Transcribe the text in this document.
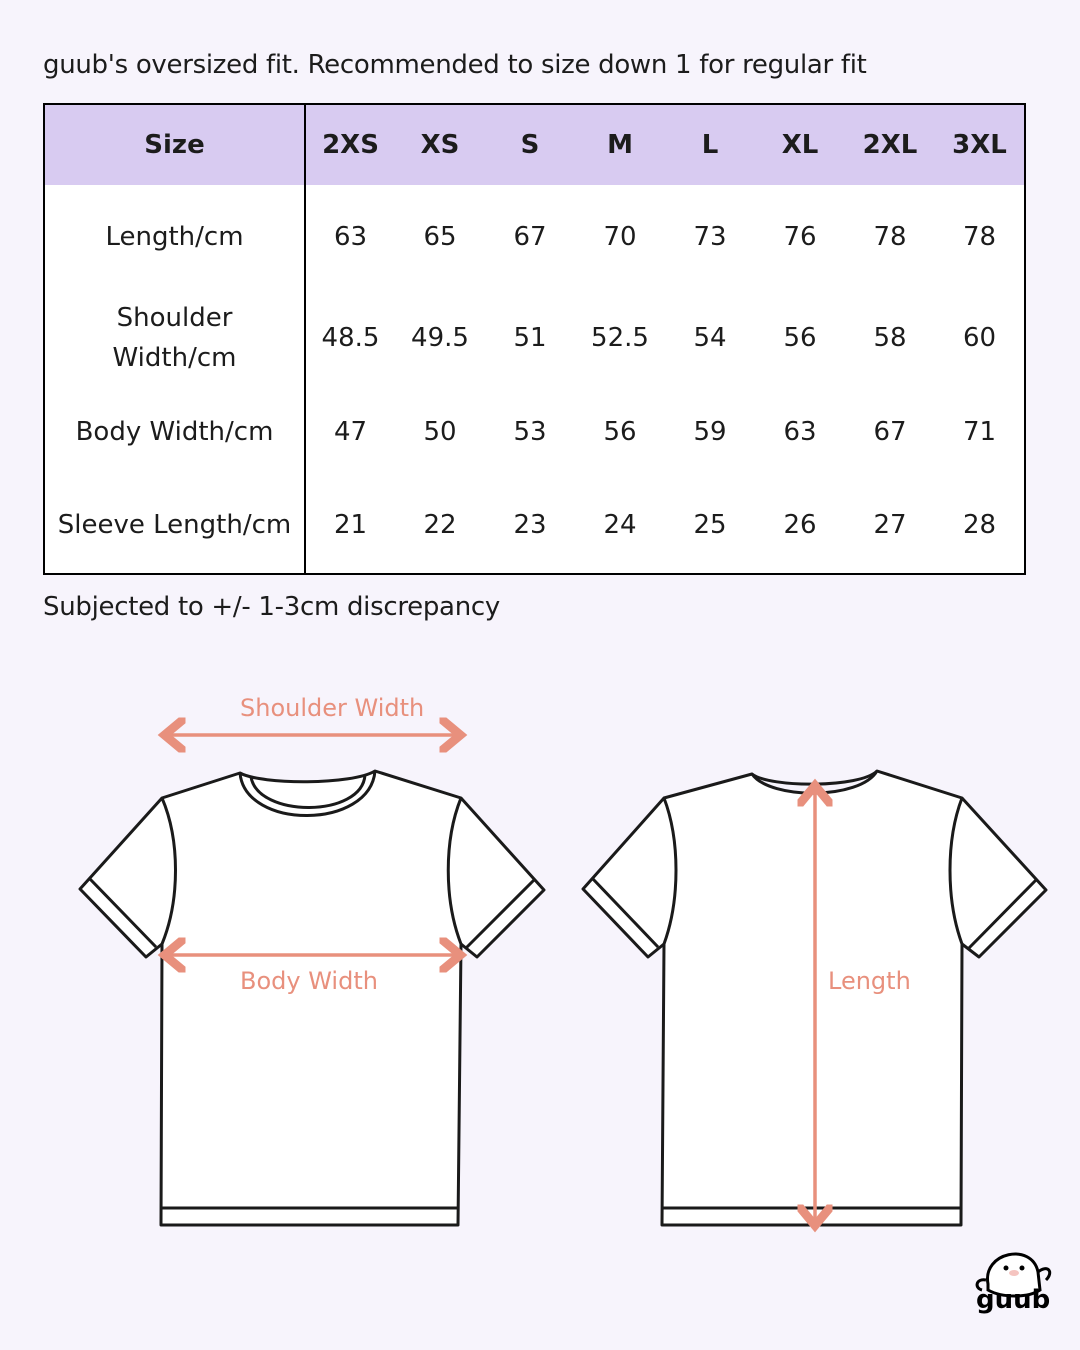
guub's oversized fit. Recommended to size down 1 for regular fit
Size	2XS	XS	S	M	L	XL	2XL	3XL
Length/cm	63	65	67	70	73	76	78	78

Shoulder
Width/cm	48.5	49.5	51	52.5	54	56	58	60
Body Width/cm	47	50	53	56	59	63	67	71
Sleeve Length/cm	21	22	23	24	25	26	27	28
Subjected to +/- 1-3cm discrepancy
Shoulder Width
Body Width	Length
guub
